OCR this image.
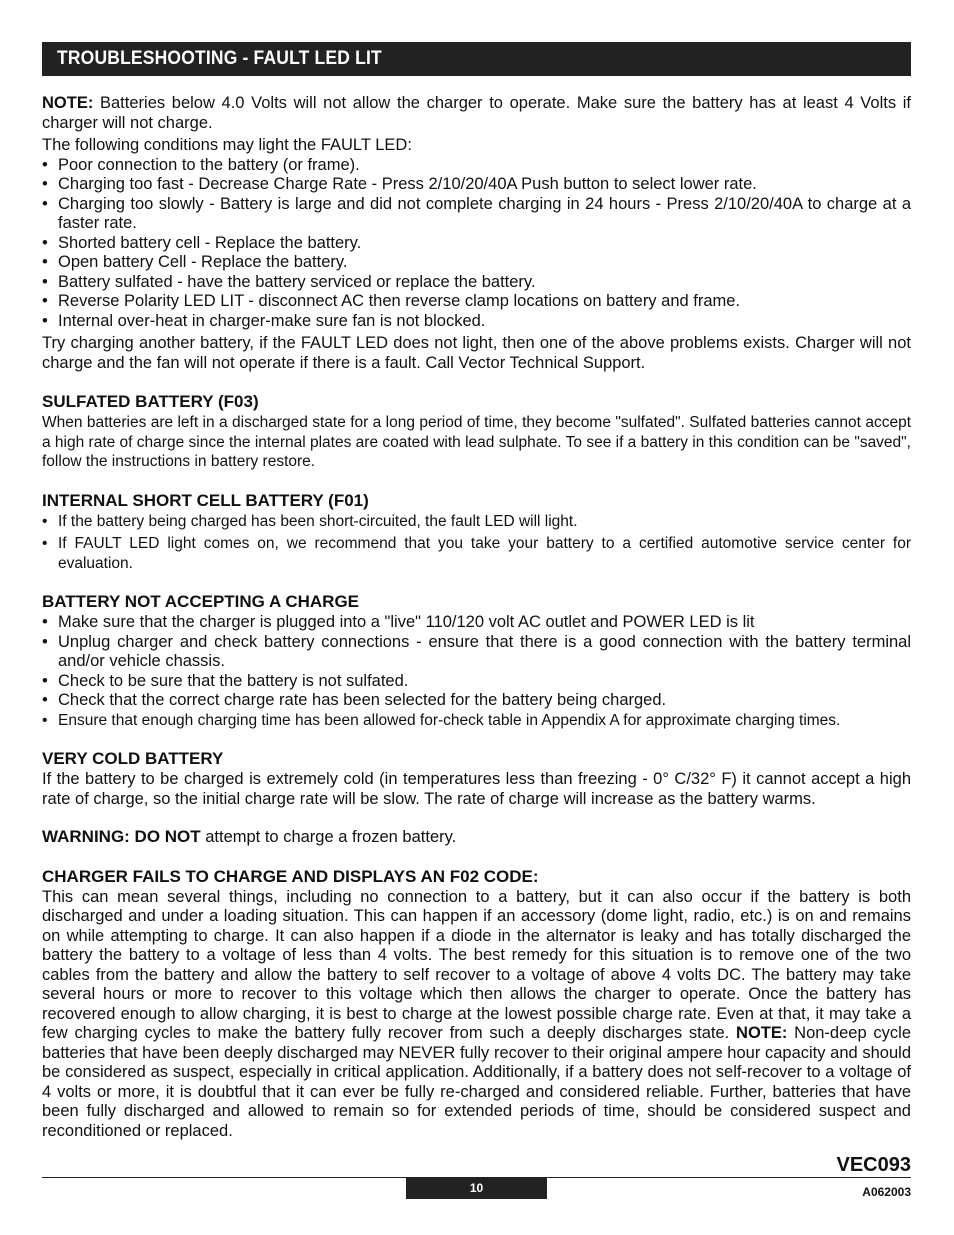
TROUBLESHOOTING - FAULT LED LIT

NOTE: Batteries below 4.0 Volts will not allow the charger to operate. Make sure the battery has at least 4 Volts if charger will not charge.

The following conditions may light the FAULT LED:

• Poor connection to the battery (or frame).
• Charging too fast - Decrease Charge Rate - Press 2/10/20/40A Push button to select lower rate.
• Charging too slowly - Battery is large and did not complete charging in 24 hours - Press 2/10/20/40A to charge at a faster rate.
• Shorted battery cell - Replace the battery.
• Open battery Cell - Replace the battery.
• Battery sulfated - have the battery serviced or replace the battery.
• Reverse Polarity LED LIT - disconnect AC then reverse clamp locations on battery and frame.
• Internal over-heat in charger-make sure fan is not blocked.

Try charging another battery, if the FAULT LED does not light, then one of the above problems exists. Charger will not charge and the fan will not operate if there is a fault. Call Vector Technical Support.

SULFATED BATTERY (F03)

When batteries are left in a discharged state for a long period of time, they become "sulfated". Sulfated batteries cannot accept a high rate of charge since the internal plates are coated with lead sulphate. To see if a battery in this condition can be "saved", follow the instructions in battery restore.

INTERNAL SHORT CELL BATTERY (F01)
• If the battery being charged has been short-circuited, the fault LED will light.
• If FAULT LED light comes on, we recommend that you take your battery to a certified automotive service center for evaluation.
BATTERY NOT ACCEPTING A CHARGE
• Make sure that the charger is plugged into a "live" 110/120 volt AC outlet and POWER LED is lit
• Unplug charger and check battery connections - ensure that there is a good connection with the battery terminal and/or vehicle chassis.
• Check to be sure that the battery is not sulfated.
• Check that the correct charge rate has been selected for the battery being charged.
• Ensure that enough charging time has been allowed for-check table in Appendix A for approximate charging times.
VERY COLD BATTERY

If the battery to be charged is extremely cold (in temperatures less than freezing - 0° C/32° F) it cannot accept a high rate of charge, so the initial charge rate will be slow. The rate of charge will increase as the battery warms.

WARNING: DO NOT attempt to charge a frozen battery.

CHARGER FAILS TO CHARGE AND DISPLAYS AN F02 CODE:

This can mean several things, including no connection to a battery, but it can also occur if the battery is both discharged and under a loading situation. This can happen if an accessory (dome light, radio, etc.) is on and remains on while attempting to charge. It can also happen if a diode in the alternator is leaky and has totally discharged the battery the battery to a voltage of less than 4 volts. The best remedy for this situation is to remove one of the two cables from the battery and allow the battery to self recover to a voltage of above 4 volts DC. The battery may take several hours or more to recover to this voltage which then allows the charger to operate. Once the battery has recovered enough to allow charging, it is best to charge at the lowest possible charge rate. Even at that, it may take a few charging cycles to make the battery fully recover from such a deeply discharges state. NOTE: Non-deep cycle batteries that have been deeply discharged may NEVER fully recover to their original ampere hour capacity and should be considered as suspect, especially in critical application. Additionally, if a battery does not self-recover to a voltage of 4 volts or more, it is doubtful that it can ever be fully re-charged and considered reliable. Further, batteries that have been fully discharged and allowed to remain so for extended periods of time, should be considered suspect and reconditioned or replaced.

VEC093
10	A062003
